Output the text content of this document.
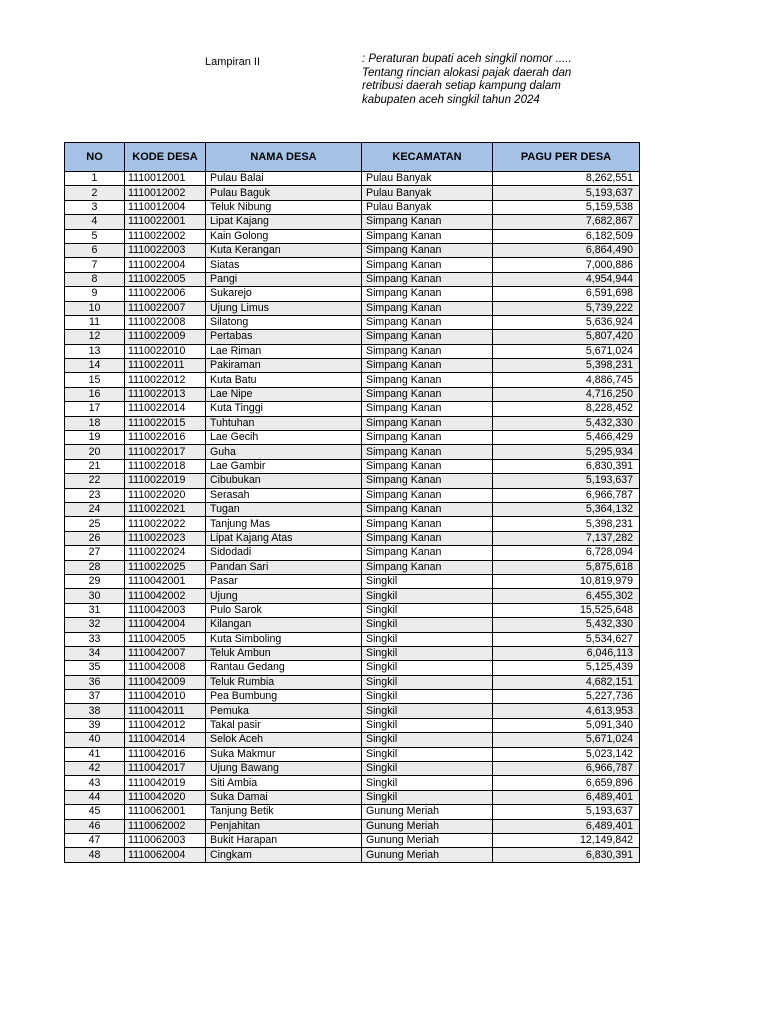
Lampiran II	: Peraturan bupati aceh singkil nomor .....
Tentang rincian alokasi pajak daerah dan
retribusi daerah setiap kampung dalam
kabupaten aceh singkil tahun 2024
NO	KODE DESA	NAMA DESA	KECAMATAN	PAGU PER DESA
1	1110012001	Pulau Balai	Pulau Banyak	8,262,551
2	1110012002	Pulau Baguk	Pulau Banyak	5,193,637
3	1110012004	Teluk Nibung	Pulau Banyak	5,159,538
4	1110022001	Lipat Kajang	Simpang Kanan	7,682,867
5	1110022002	Kain Golong	Simpang Kanan	6,182,509
6	1110022003	Kuta Kerangan	Simpang Kanan	6,864,490
7	1110022004	Siatas	Simpang Kanan	7,000,886
8	1110022005	Pangi	Simpang Kanan	4,954,944
9	1110022006	Sukarejo	Simpang Kanan	6,591,698
10	1110022007	Ujung Limus	Simpang Kanan	5,739,222
11	1110022008	Silatong	Simpang Kanan	5,636,924
12	1110022009	Pertabas	Simpang Kanan	5,807,420
13	1110022010	Lae Riman	Simpang Kanan	5,671,024
14	1110022011	Pakiraman	Simpang Kanan	5,398,231
15	1110022012	Kuta Batu	Simpang Kanan	4,886,745
16	1110022013	Lae Nipe	Simpang Kanan	4,716,250
17	1110022014	Kuta Tinggi	Simpang Kanan	8,228,452
18	1110022015	Tuhtuhan	Simpang Kanan	5,432,330
19	1110022016	Lae Gecih	Simpang Kanan	5,466,429
20	1110022017	Guha	Simpang Kanan	5,295,934
21	1110022018	Lae Gambir	Simpang Kanan	6,830,391
22	1110022019	Cibubukan	Simpang Kanan	5,193,637
23	1110022020	Serasah	Simpang Kanan	6,966,787
24	1110022021	Tugan	Simpang Kanan	5,364,132
25	1110022022	Tanjung Mas	Simpang Kanan	5,398,231
26	1110022023	Lipat Kajang Atas	Simpang Kanan	7,137,282
27	1110022024	Sidodadi	Simpang Kanan	6,728,094
28	1110022025	Pandan Sari	Simpang Kanan	5,875,618
29	1110042001	Pasar	Singkil	10,819,979
30	1110042002	Ujung	Singkil	6,455,302
31	1110042003	Pulo Sarok	Singkil	15,525,648
32	1110042004	Kilangan	Singkil	5,432,330
33	1110042005	Kuta Simboling	Singkil	5,534,627
34	1110042007	Teluk Ambun	Singkil	6,046,113
35	1110042008	Rantau Gedang	Singkil	5,125,439
36	1110042009	Teluk Rumbia	Singkil	4,682,151
37	1110042010	Pea Bumbung	Singkil	5,227,736
38	1110042011	Pemuka	Singkil	4,613,953
39	1110042012	Takal pasir	Singkil	5,091,340
40	1110042014	Selok Aceh	Singkil	5,671,024
41	1110042016	Suka Makmur	Singkil	5,023,142
42	1110042017	Ujung Bawang	Singkil	6,966,787
43	1110042019	Siti Ambia	Singkil	6,659,896
44	1110042020	Suka Damai	Singkil	6,489,401
45	1110062001	Tanjung Betik	Gunung Meriah	5,193,637
46	1110062002	Penjahitan	Gunung Meriah	6,489,401
47	1110062003	Bukit Harapan	Gunung Meriah	12,149,842
48	1110062004	Cingkam	Gunung Meriah	6,830,391
